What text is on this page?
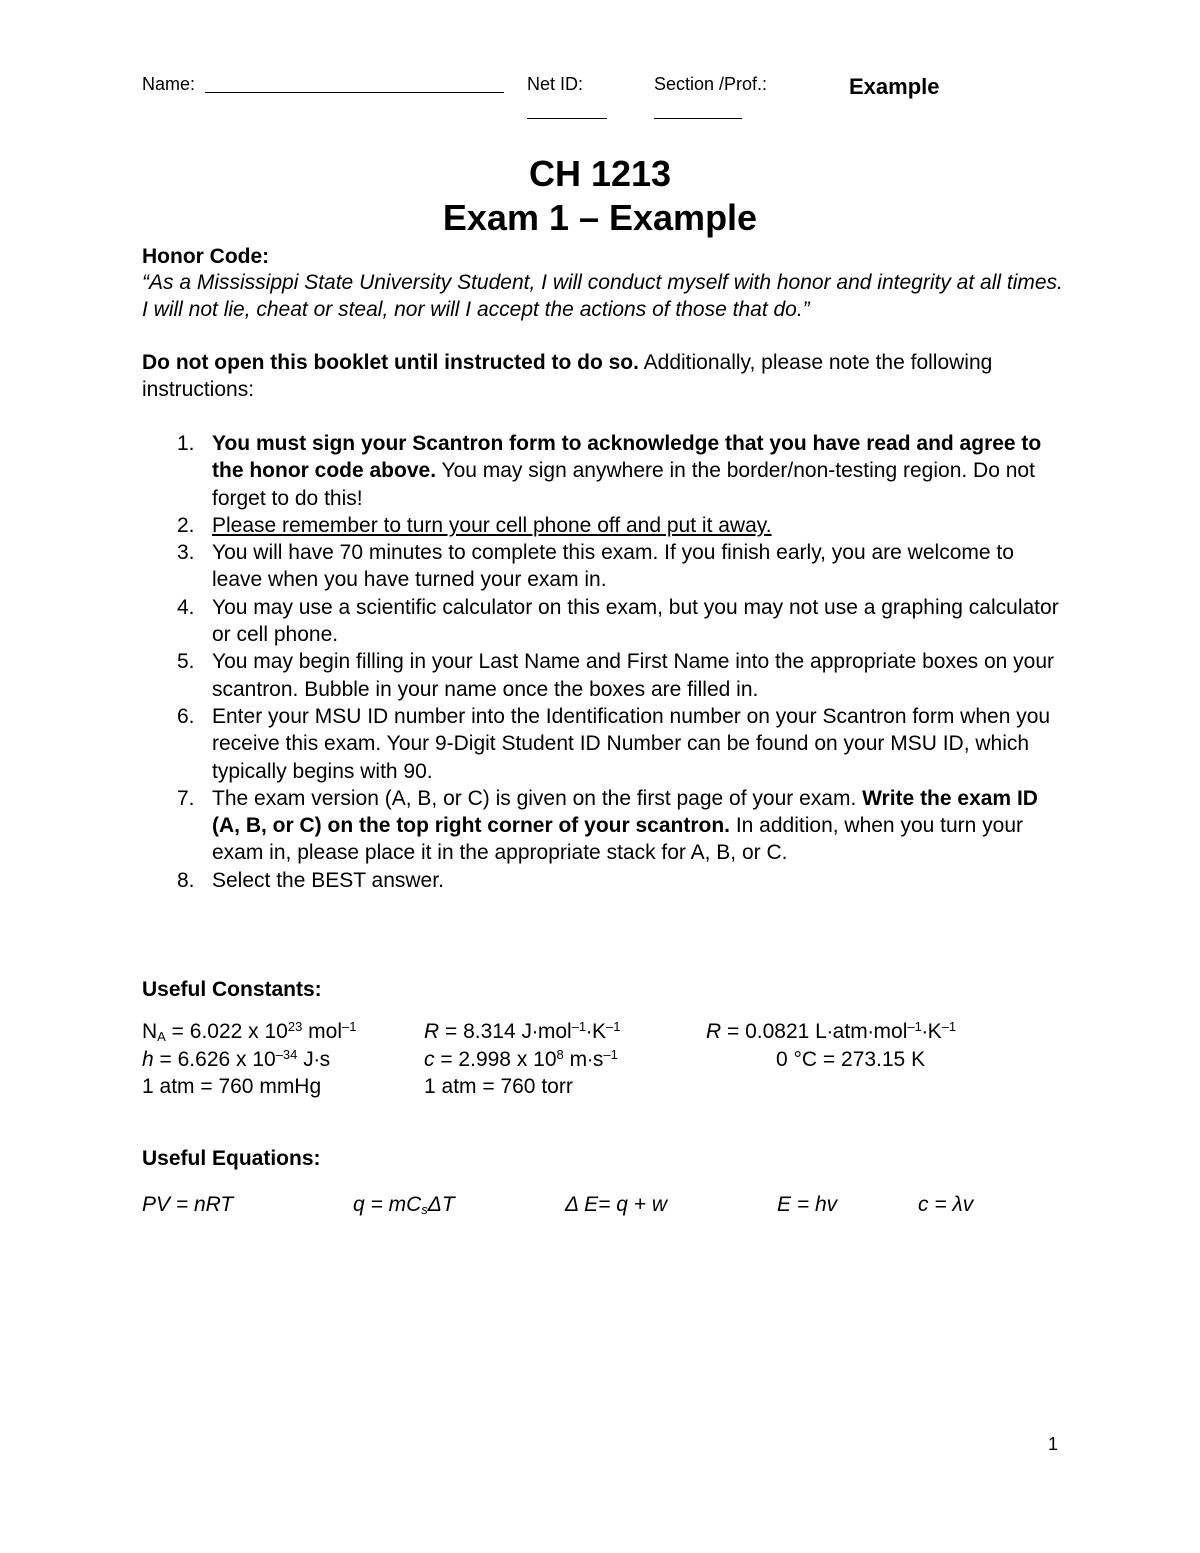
Name:	Net ID:	Section /Prof.:	Example
CH 1213
Exam 1 – Example
Honor Code:
“As a Mississippi State University Student, I will conduct myself with honor and integrity at all times. I will not lie, cheat or steal, nor will I accept the actions of those that do.”
Do not open this booklet until instructed to do so. Additionally, please note the following instructions:
1. You must sign your Scantron form to acknowledge that you have read and agree to the honor code above. You may sign anywhere in the border/non-testing region. Do not forget to do this!
2. Please remember to turn your cell phone off and put it away.
3. You will have 70 minutes to complete this exam. If you finish early, you are welcome to leave when you have turned your exam in.
4. You may use a scientific calculator on this exam, but you may not use a graphing calculator or cell phone.
5. You may begin filling in your Last Name and First Name into the appropriate boxes on your scantron. Bubble in your name once the boxes are filled in.
6. Enter your MSU ID number into the Identification number on your Scantron form when you receive this exam. Your 9-Digit Student ID Number can be found on your MSU ID, which typically begins with 90.
7. The exam version (A, B, or C) is given on the first page of your exam. Write the exam ID (A, B, or C) on the top right corner of your scantron. In addition, when you turn your exam in, please place it in the appropriate stack for A, B, or C.
8. Select the BEST answer.
Useful Constants:
$N_A = 6.022$ x $10^{23}$ mol$^{-1}$	R = 8.314 $J\cdot mol^{-1}\cdot K^{-1}$	R = 0.0821 $L\cdot atm\cdot mol^{-1}\cdot K^{-1}$
h = 6.626 x $10^{-34}$ J∙s	c = 2.998 x $10^8$ $m\cdot s^{-1}$	0 °C = 273.15 K
1 atm = 760 mmHg	1 atm = 760 torr
Useful Equations:
PV = nRT	$q = mC_s\Delta T$	Δ E= q + w	E = hv	c = λv
1
